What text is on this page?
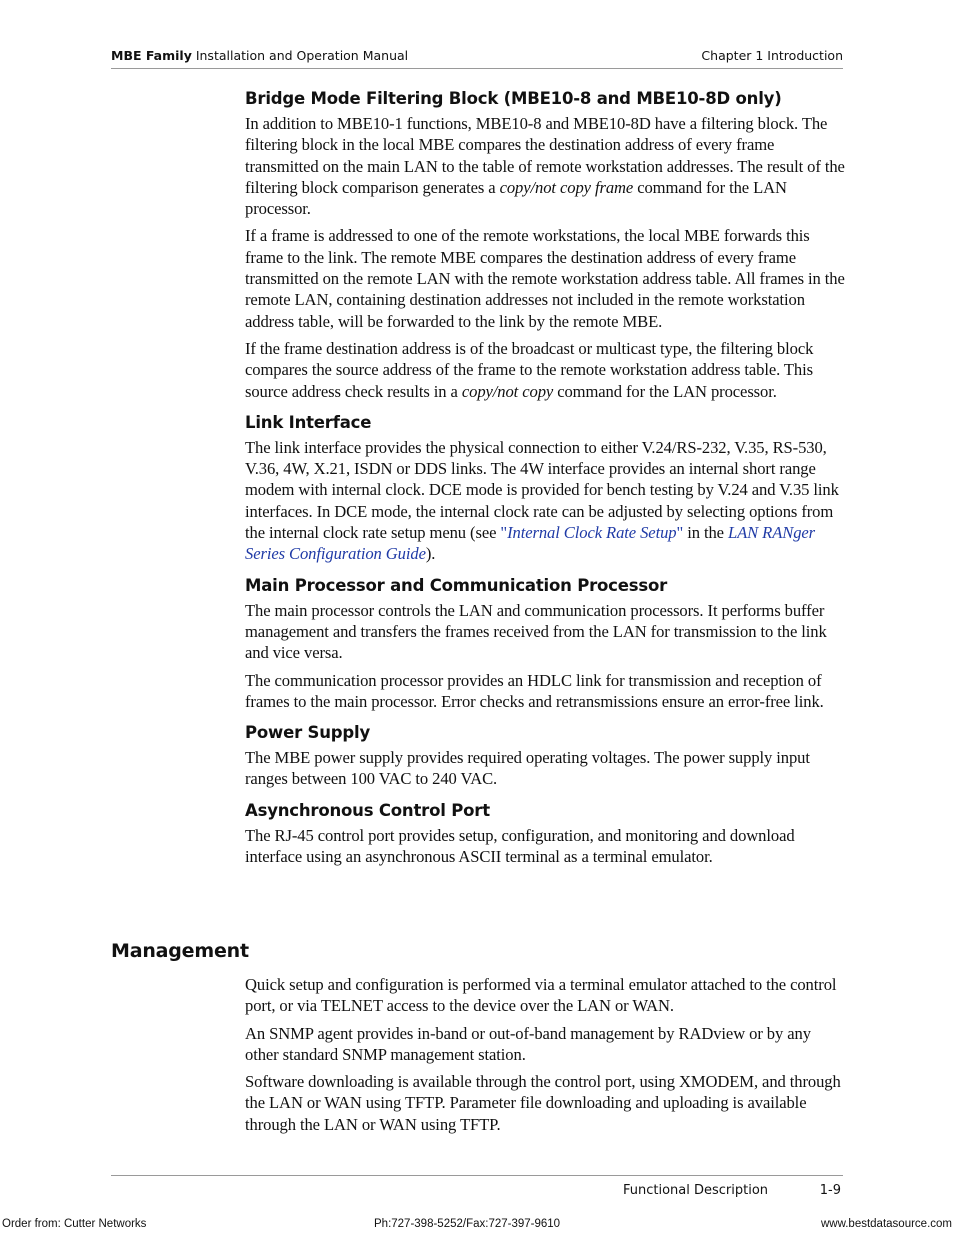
MBE Family Installation and Operation Manual	Chapter 1 Introduction
Bridge Mode Filtering Block (MBE10-8 and MBE10-8D only)

In addition to MBE10-1 functions, MBE10-8 and MBE10-8D have a filtering block. The filtering block in the local MBE compares the destination address of every frame transmitted on the main LAN to the table of remote workstation addresses. The result of the filtering block comparison generates a copy/not copy frame command for the LAN processor.

If a frame is addressed to one of the remote workstations, the local MBE forwards this frame to the link. The remote MBE compares the destination address of every frame transmitted on the remote LAN with the remote workstation address table. All frames in the remote LAN, containing destination addresses not included in the remote workstation address table, will be forwarded to the link by the remote MBE.

If the frame destination address is of the broadcast or multicast type, the filtering block compares the source address of the frame to the remote workstation address table. This source address check results in a copy/not copy command for the LAN processor.

Link Interface

The link interface provides the physical connection to either V.24/RS-232, V.35, RS-530, V.36, 4W, X.21, ISDN or DDS links. The 4W interface provides an internal short range modem with internal clock. DCE mode is provided for bench testing by V.24 and V.35 link interfaces. In DCE mode, the internal clock rate can be adjusted by selecting options from the internal clock rate setup menu (see "Internal Clock Rate Setup" in the LAN RANger Series Configuration Guide).

Main Processor and Communication Processor

The main processor controls the LAN and communication processors. It performs buffer management and transfers the frames received from the LAN for transmission to the link and vice versa.

The communication processor provides an HDLC link for transmission and reception of frames to the main processor. Error checks and retransmissions ensure an error-free link.

Power Supply

The MBE power supply provides required operating voltages. The power supply input ranges between 100 VAC to 240 VAC.

Asynchronous Control Port

The RJ-45 control port provides setup, configuration, and monitoring and download interface using an asynchronous ASCII terminal as a terminal emulator.

Management

Quick setup and configuration is performed via a terminal emulator attached to the control port, or via TELNET access to the device over the LAN or WAN.

An SNMP agent provides in-band or out-of-band management by RADview or by any other standard SNMP management station.

Software downloading is available through the control port, using XMODEM, and through the LAN or WAN using TFTP. Parameter file downloading and uploading is available through the LAN or WAN using TFTP.

Functional Description	1-9
Order from: Cutter Networks	Ph:727-398-5252/Fax:727-397-9610	www.bestdatasource.com
